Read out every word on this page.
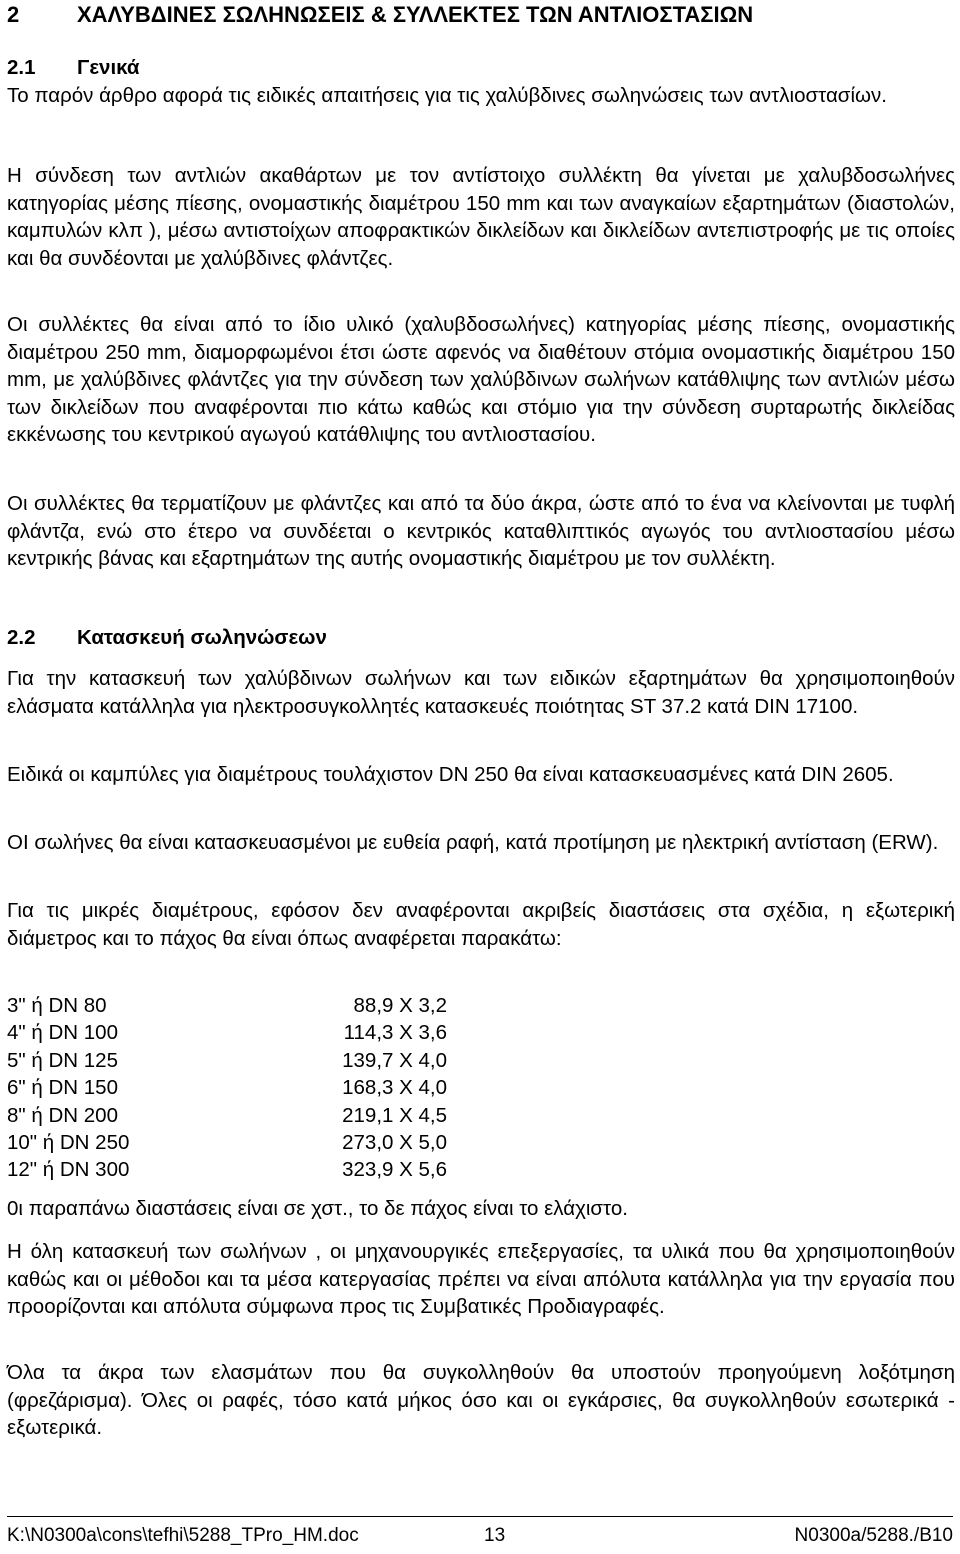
2	ΧΑΛΥΒΔΙΝΕΣ ΣΩΛΗΝΩΣΕΙΣ & ΣΥΛΛΕΚΤΕΣ ΤΩΝ ΑΝΤΛΙΟΣΤΑΣΙΩΝ
2.1 Γενικά

Το παρόν άρθρο αφορά τις ειδικές απαιτήσεις για τις χαλύβδινες σωληνώσεις των αντλιοστασίων.

Η σύνδεση των αντλιών ακαθάρτων με τον αντίστοιχο συλλέκτη θα γίνεται με χαλυβδοσωλήνες κατηγορίας μέσης πίεσης, ονομαστικής διαμέτρου 150 mm και των αναγκαίων εξαρτημάτων (διαστολών, καμπυλών κλπ ), μέσω αντιστοίχων αποφρακτικών δικλείδων και δικλείδων αντεπιστροφής με τις οποίες και θα συνδέονται με χαλύβδινες φλάντζες.

Οι συλλέκτες θα είναι από το ίδιο υλικό (χαλυβδοσωλήνες) κατηγορίας μέσης πίεσης, ονομαστικής διαμέτρου 250 mm, διαμορφωμένοι έτσι ώστε αφενός να διαθέτουν στόμια ονομαστικής διαμέτρου 150 mm, με χαλύβδινες φλάντζες για την σύνδεση των χαλύβδινων σωλήνων κατάθλιψης των αντλιών μέσω των δικλείδων που αναφέρονται πιο κάτω καθώς και στόμιο για την σύνδεση συρταρωτής δικλείδας εκκένωσης του κεντρικού αγωγού κατάθλιψης του αντλιοστασίου.

Οι συλλέκτες θα τερματίζουν με φλάντζες και από τα δύο άκρα, ώστε από το ένα να κλείνονται με τυφλή φλάντζα, ενώ στο έτερο να συνδέεται ο κεντρικός καταθλιπτικός αγωγός του αντλιοστασίου μέσω κεντρικής βάνας και εξαρτημάτων της αυτής ονομαστικής διαμέτρου με τον συλλέκτη.

2.2 Κατασκευή σωληνώσεων

Για την κατασκευή των χαλύβδινων σωλήνων και των ειδικών εξαρτημάτων θα χρησιμοποιηθούν ελάσματα κατάλληλα για ηλεκτροσυγκολλητές κατασκευές ποιότητας ST 37.2 κατά DIN 17100.

Ειδικά οι καμπύλες για διαμέτρους τουλάχιστον DN 250 θα είναι κατασκευασμένες κατά DIN 2605.

ΟΙ σωλήνες θα είναι κατασκευασμένοι με ευθεία ραφή, κατά προτίμηση με ηλεκτρική αντίσταση (ERW).

Για τις μικρές διαμέτρους, εφόσον δεν αναφέρονται ακριβείς διαστάσεις στα σχέδια, η εξωτερική διάμετρος και το πάχος θα είναι όπως αναφέρεται παρακάτω:

3" ή DN 80	88,9 X 3,2
4" ή DN 100	114,3 X 3,6
5" ή DN 125	139,7 X 4,0
6" ή DN 150	168,3 X 4,0
8" ή DN 200	219,1 X 4,5
10" ή DN 250	273,0 X 5,0
12" ή DN 300	323,9 X 5,6

0ι παραπάνω διαστάσεις είναι σε χστ., το δε πάχος είναι το ελάχιστο.

Η όλη κατασκευή των σωλήνων , οι μηχανουργικές επεξεργασίες, τα υλικά που θα χρησιμοποιηθούν καθώς και οι μέθοδοι και τα μέσα κατεργασίας πρέπει να είναι απόλυτα κατάλληλα για την εργασία που προορίζονται και απόλυτα σύμφωνα προς τις Συμβατικές Προδιαγραφές.

Όλα τα άκρα των ελασμάτων που θα συγκολληθούν θα υποστούν προηγούμενη λοξότμηση (φρεζάρισμα). Όλες οι ραφές, τόσο κατά μήκος όσο και οι εγκάρσιες, θα συγκολληθούν εσωτερικά - εξωτερικά.

K:\N0300a\cons\tefhi\5288_TPro_HM.doc	13	N0300a/5288./B10
